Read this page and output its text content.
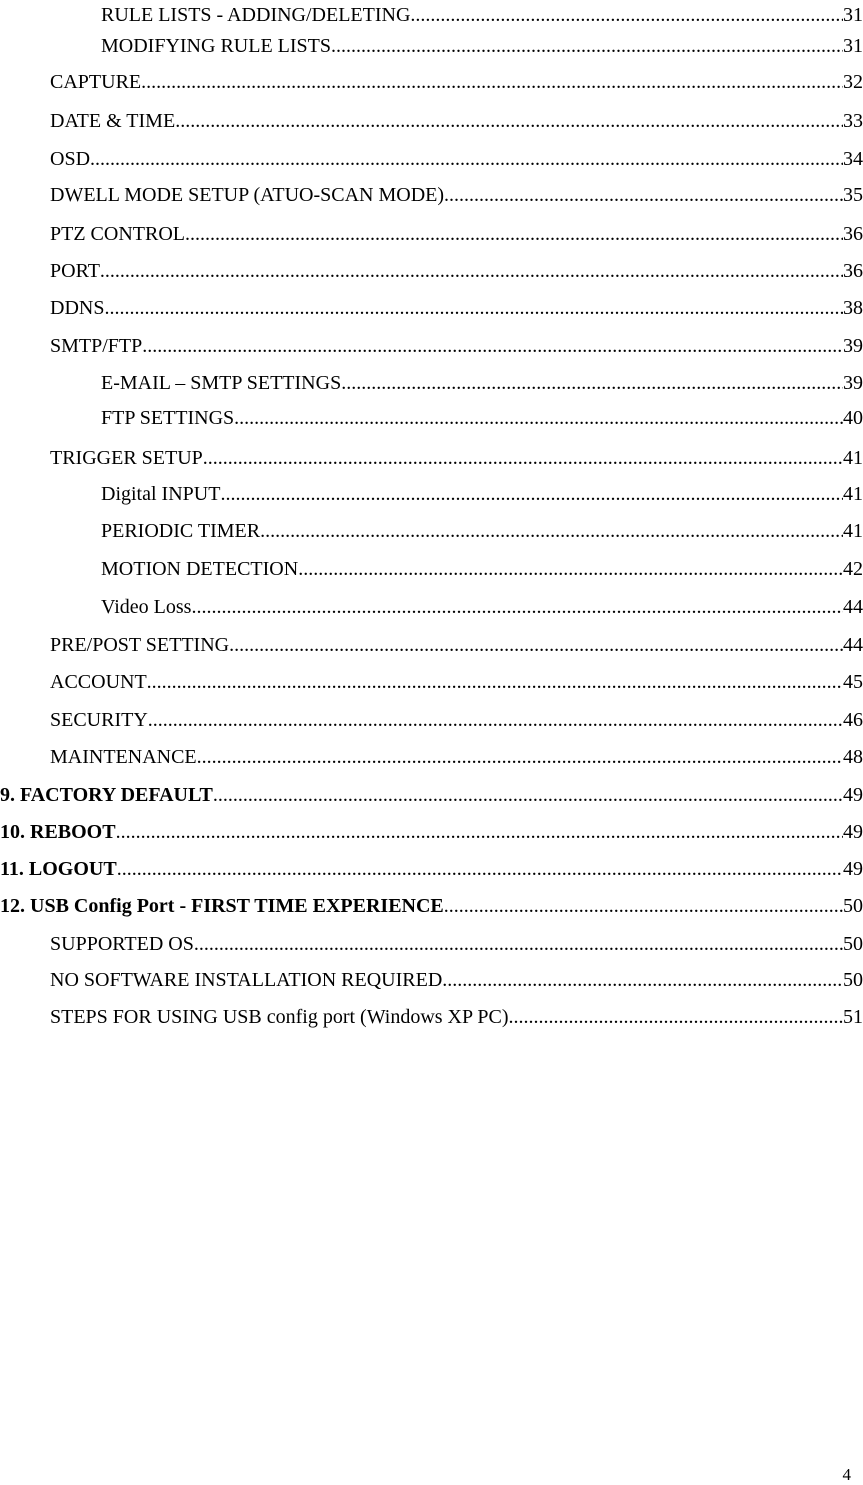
RULE LISTS - ADDING/DELETING .....	31
MODIFYING RULE LISTS .....	31
CAPTURE .....	32
DATE & TIME .....	33
OSD .....	34
DWELL MODE SETUP (ATUO-SCAN MODE) .....	35
PTZ CONTROL .....	36
PORT .....	36
DDNS .....	38
SMTP/FTP .....	39
E-MAIL – SMTP SETTINGS .....	39
FTP SETTINGS .....	40
TRIGGER SETUP .....	41
Digital INPUT .....	41
PERIODIC TIMER .....	41
MOTION DETECTION .....	42
Video Loss .....	44
PRE/POST SETTING .....	44
ACCOUNT .....	45
SECURITY .....	46
MAINTENANCE .....	48
9. FACTORY DEFAULT .....	49
10. REBOOT .....	49
11. LOGOUT .....	49
12. USB Config Port - FIRST TIME EXPERIENCE .....	50
SUPPORTED OS .....	50
NO SOFTWARE INSTALLATION REQUIRED .....	50
STEPS FOR USING USB config port (Windows XP PC) .....	51
4
